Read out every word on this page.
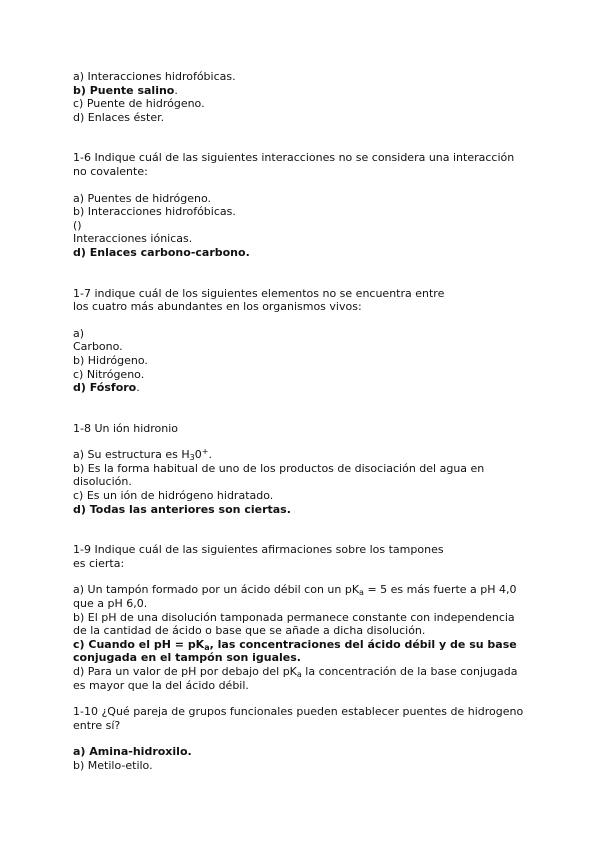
a) Interacciones hidrofóbicas.
b) Puente salino.
c) Puente de hidrógeno.
d) Enlaces éster.
1-6 Indique cuál de las siguientes interacciones no se considera una interacción
no covalente:
a) Puentes de hidrógeno.
b) Interacciones hidrofóbicas.
()
Interacciones iónicas.
d) Enlaces carbono-carbono.
1-7 indique cuál de los siguientes elementos no se encuentra entre
los cuatro más abundantes en los organismos vivos:
a)
Carbono.
b) Hidrógeno.
c) Nitrógeno.
d) Fósforo.
1-8 Un ión hidronio
a) Su estructura es $H_30^+$.
b) Es la forma habitual de uno de los productos de disociación del agua en
disolución.
c) Es un ión de hidrógeno hidratado.
d) Todas las anteriores son ciertas.
1-9 Indique cuál de las siguientes afirmaciones sobre los tampones
es cierta:
a) Un tampón formado por un ácido débil con un $pK_a = 5$ es más fuerte a pH 4,0
que a pH 6,0.
b) El pH de una disolución tamponada permanece constante con independencia
de la cantidad de ácido o base que se añade a dicha disolución.
c) Cuando el pH = $pK_a$, las concentraciones del ácido débil y de su base
conjugada en el tampón son iguales.
d) Para un valor de pH por debajo del $pK_a$ la concentración de la base conjugada
es mayor que la del ácido débil.
1-10 ¿Qué pareja de grupos funcionales pueden establecer puentes de hidrogeno
entre sí?
a) Amina-hidroxilo.
b) Metilo-etilo.
